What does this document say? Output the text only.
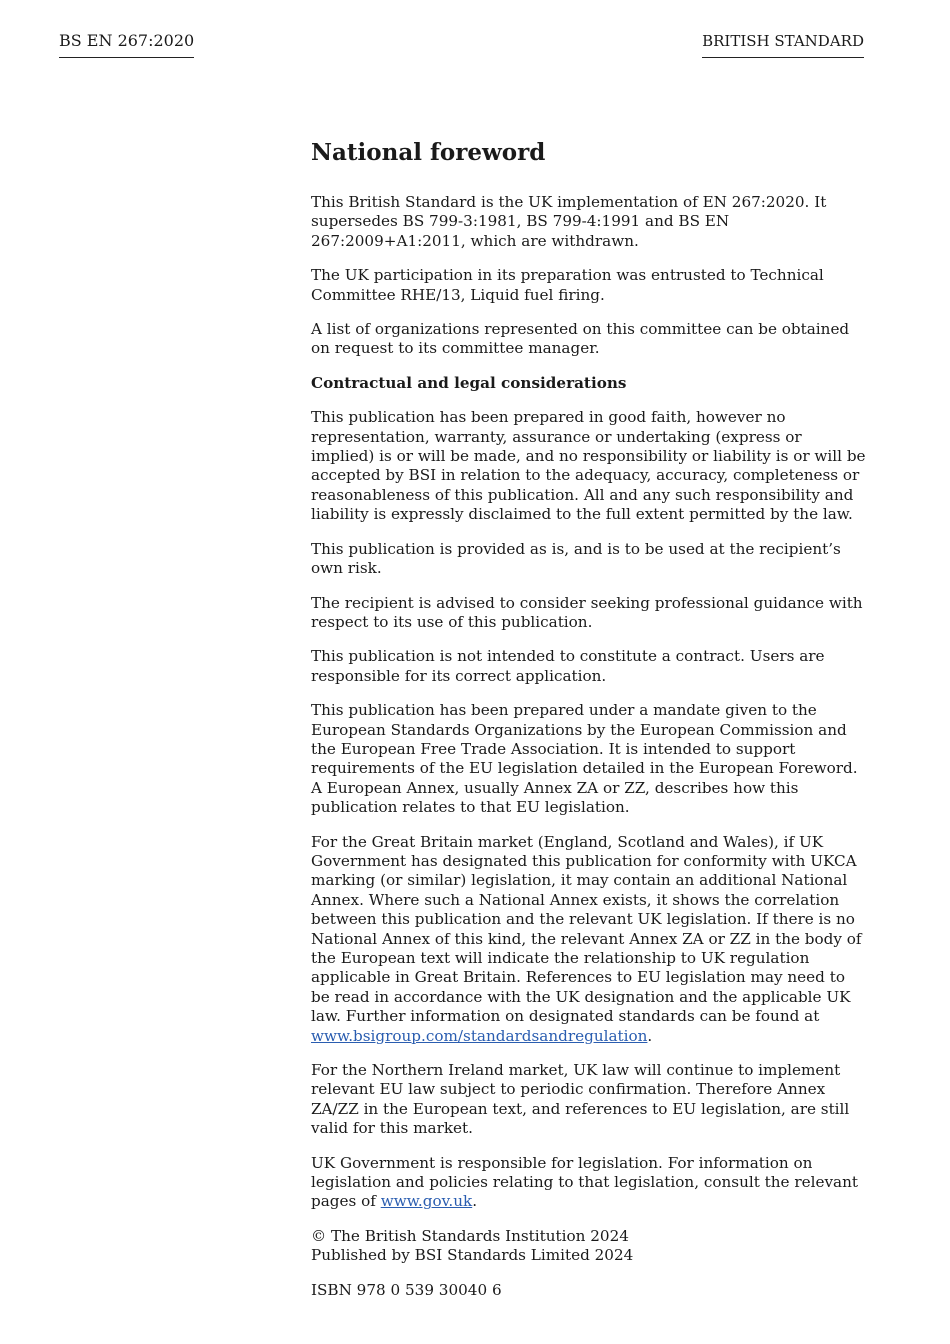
BS EN 267:2020	BRITISH STANDARD
National foreword

This British Standard is the UK implementation of EN 267:2020. It supersedes BS 799-3:1981, BS 799-4:1991 and BS EN 267:2009+A1:2011, which are withdrawn.

The UK participation in its preparation was entrusted to Technical Committee RHE/13, Liquid fuel firing.

A list of organizations represented on this committee can be obtained on request to its committee manager.

Contractual and legal considerations

This publication has been prepared in good faith, however no representation, warranty, assurance or undertaking (express or implied) is or will be made, and no responsibility or liability is or will be accepted by BSI in relation to the adequacy, accuracy, completeness or reasonableness of this publication. All and any such responsibility and liability is expressly disclaimed to the full extent permitted by the law.

This publication is provided as is, and is to be used at the recipient’s own risk.

The recipient is advised to consider seeking professional guidance with respect to its use of this publication.

This publication is not intended to constitute a contract. Users are responsible for its correct application.

This publication has been prepared under a mandate given to the European Standards Organizations by the European Commission and the European Free Trade Association. It is intended to support requirements of the EU legislation detailed in the European Foreword. A European Annex, usually Annex ZA or ZZ, describes how this publication relates to that EU legislation.

For the Great Britain market (England, Scotland and Wales), if UK Government has designated this publication for conformity with UKCA marking (or similar) legislation, it may contain an additional National Annex. Where such a National Annex exists, it shows the correlation between this publication and the relevant UK legislation. If there is no National Annex of this kind, the relevant Annex ZA or ZZ in the body of the European text will indicate the relationship to UK regulation applicable in Great Britain. References to EU legislation may need to be read in accordance with the UK designation and the applicable UK law. Further information on designated standards can be found at www.bsigroup.com/standardsandregulation.

For the Northern Ireland market, UK law will continue to implement relevant EU law subject to periodic confirmation. Therefore Annex ZA/ZZ in the European text, and references to EU legislation, are still valid for this market.

UK Government is responsible for legislation. For information on legislation and policies relating to that legislation, consult the relevant pages of www.gov.uk.

© The British Standards Institution 2024
Published by BSI Standards Limited 2024

ISBN 978 0 539 30040 6
